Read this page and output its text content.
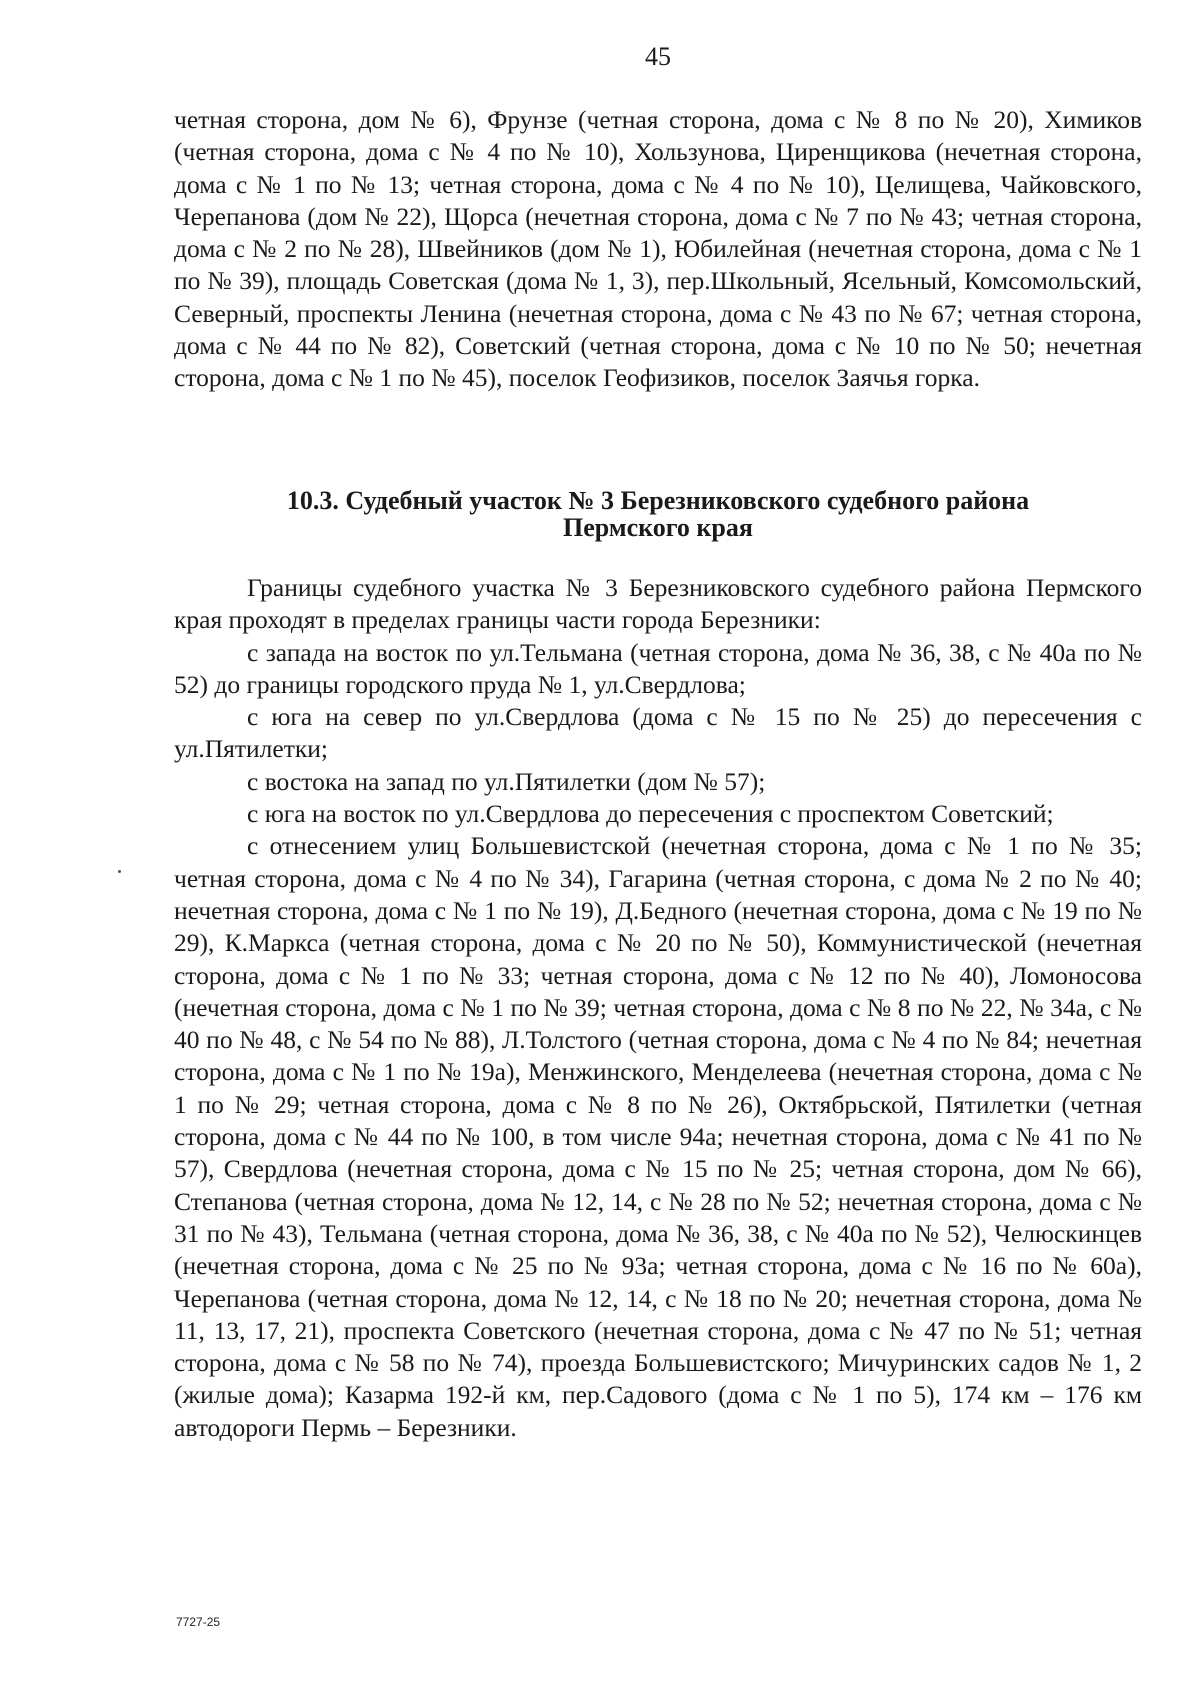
45

четная сторона, дом № 6), Фрунзе (четная сторона, дома с № 8 по № 20), Химиков (четная сторона, дома с № 4 по № 10), Хользунова, Циренщикова (нечетная сторона, дома с № 1 по № 13; четная сторона, дома с № 4 по № 10), Целищева, Чайковского, Черепанова (дом № 22), Щорса (нечетная сторона, дома с № 7 по № 43; четная сторона, дома с № 2 по № 28), Швейников (дом № 1), Юбилейная (нечетная сторона, дома с № 1 по № 39), площадь Советская (дома № 1, 3), пер.Школьный, Ясельный, Комсомольский, Северный, проспекты Ленина (нечетная сторона, дома с № 43 по № 67; четная сторона, дома с № 44 по № 82), Советский (четная сторона, дома с № 10 по № 50; нечетная сторона, дома с № 1 по № 45), поселок Геофизиков, поселок Заячья горка.

10.3. Судебный участок № 3 Березниковского судебного района
Пермского края

Границы судебного участка № 3 Березниковского судебного района Пермского края проходят в пределах границы части города Березники:

с запада на восток по ул.Тельмана (четная сторона, дома № 36, 38, с № 40а по № 52) до границы городского пруда № 1, ул.Свердлова;

с юга на север по ул.Свердлова (дома с № 15 по № 25) до пересечения с ул.Пятилетки;

с востока на запад по ул.Пятилетки (дом № 57);

с юга на восток по ул.Свердлова до пересечения с проспектом Советский;

с отнесением улиц Большевистской (нечетная сторона, дома с № 1 по № 35; четная сторона, дома с № 4 по № 34), Гагарина (четная сторона, с дома № 2 по № 40; нечетная сторона, дома с № 1 по № 19), Д.Бедного (нечетная сторона, дома с № 19 по № 29), К.Маркса (четная сторона, дома с № 20 по № 50), Коммунистической (нечетная сторона, дома с № 1 по № 33; четная сторона, дома с № 12 по № 40), Ломоносова (нечетная сторона, дома с № 1 по № 39; четная сторона, дома с № 8 по № 22, № 34а, с № 40 по № 48, с № 54 по № 88), Л.Толстого (четная сторона, дома с № 4 по № 84; нечетная сторона, дома с № 1 по № 19а), Менжинского, Менделеева (нечетная сторона, дома с № 1 по № 29; четная сторона, дома с № 8 по № 26), Октябрьской, Пятилетки (четная сторона, дома с № 44 по № 100, в том числе 94а; нечетная сторона, дома с № 41 по № 57), Свердлова (нечетная сторона, дома с № 15 по № 25; четная сторона, дом № 66), Степанова (четная сторона, дома № 12, 14, с № 28 по № 52; нечетная сторона, дома с № 31 по № 43), Тельмана (четная сторона, дома № 36, 38, с № 40а по № 52), Челюскинцев (нечетная сторона, дома с № 25 по № 93а; четная сторона, дома с № 16 по № 60а), Черепанова (четная сторона, дома № 12, 14, с № 18 по № 20; нечетная сторона, дома № 11, 13, 17, 21), проспекта Советского (нечетная сторона, дома с № 47 по № 51; четная сторона, дома с № 58 по № 74), проезда Большевистского; Мичуринских садов № 1, 2 (жилые дома); Казарма 192-й км, пер.Садового (дома с № 1 по 5), 174 км – 176 км автодороги Пермь – Березники.

7727-25
